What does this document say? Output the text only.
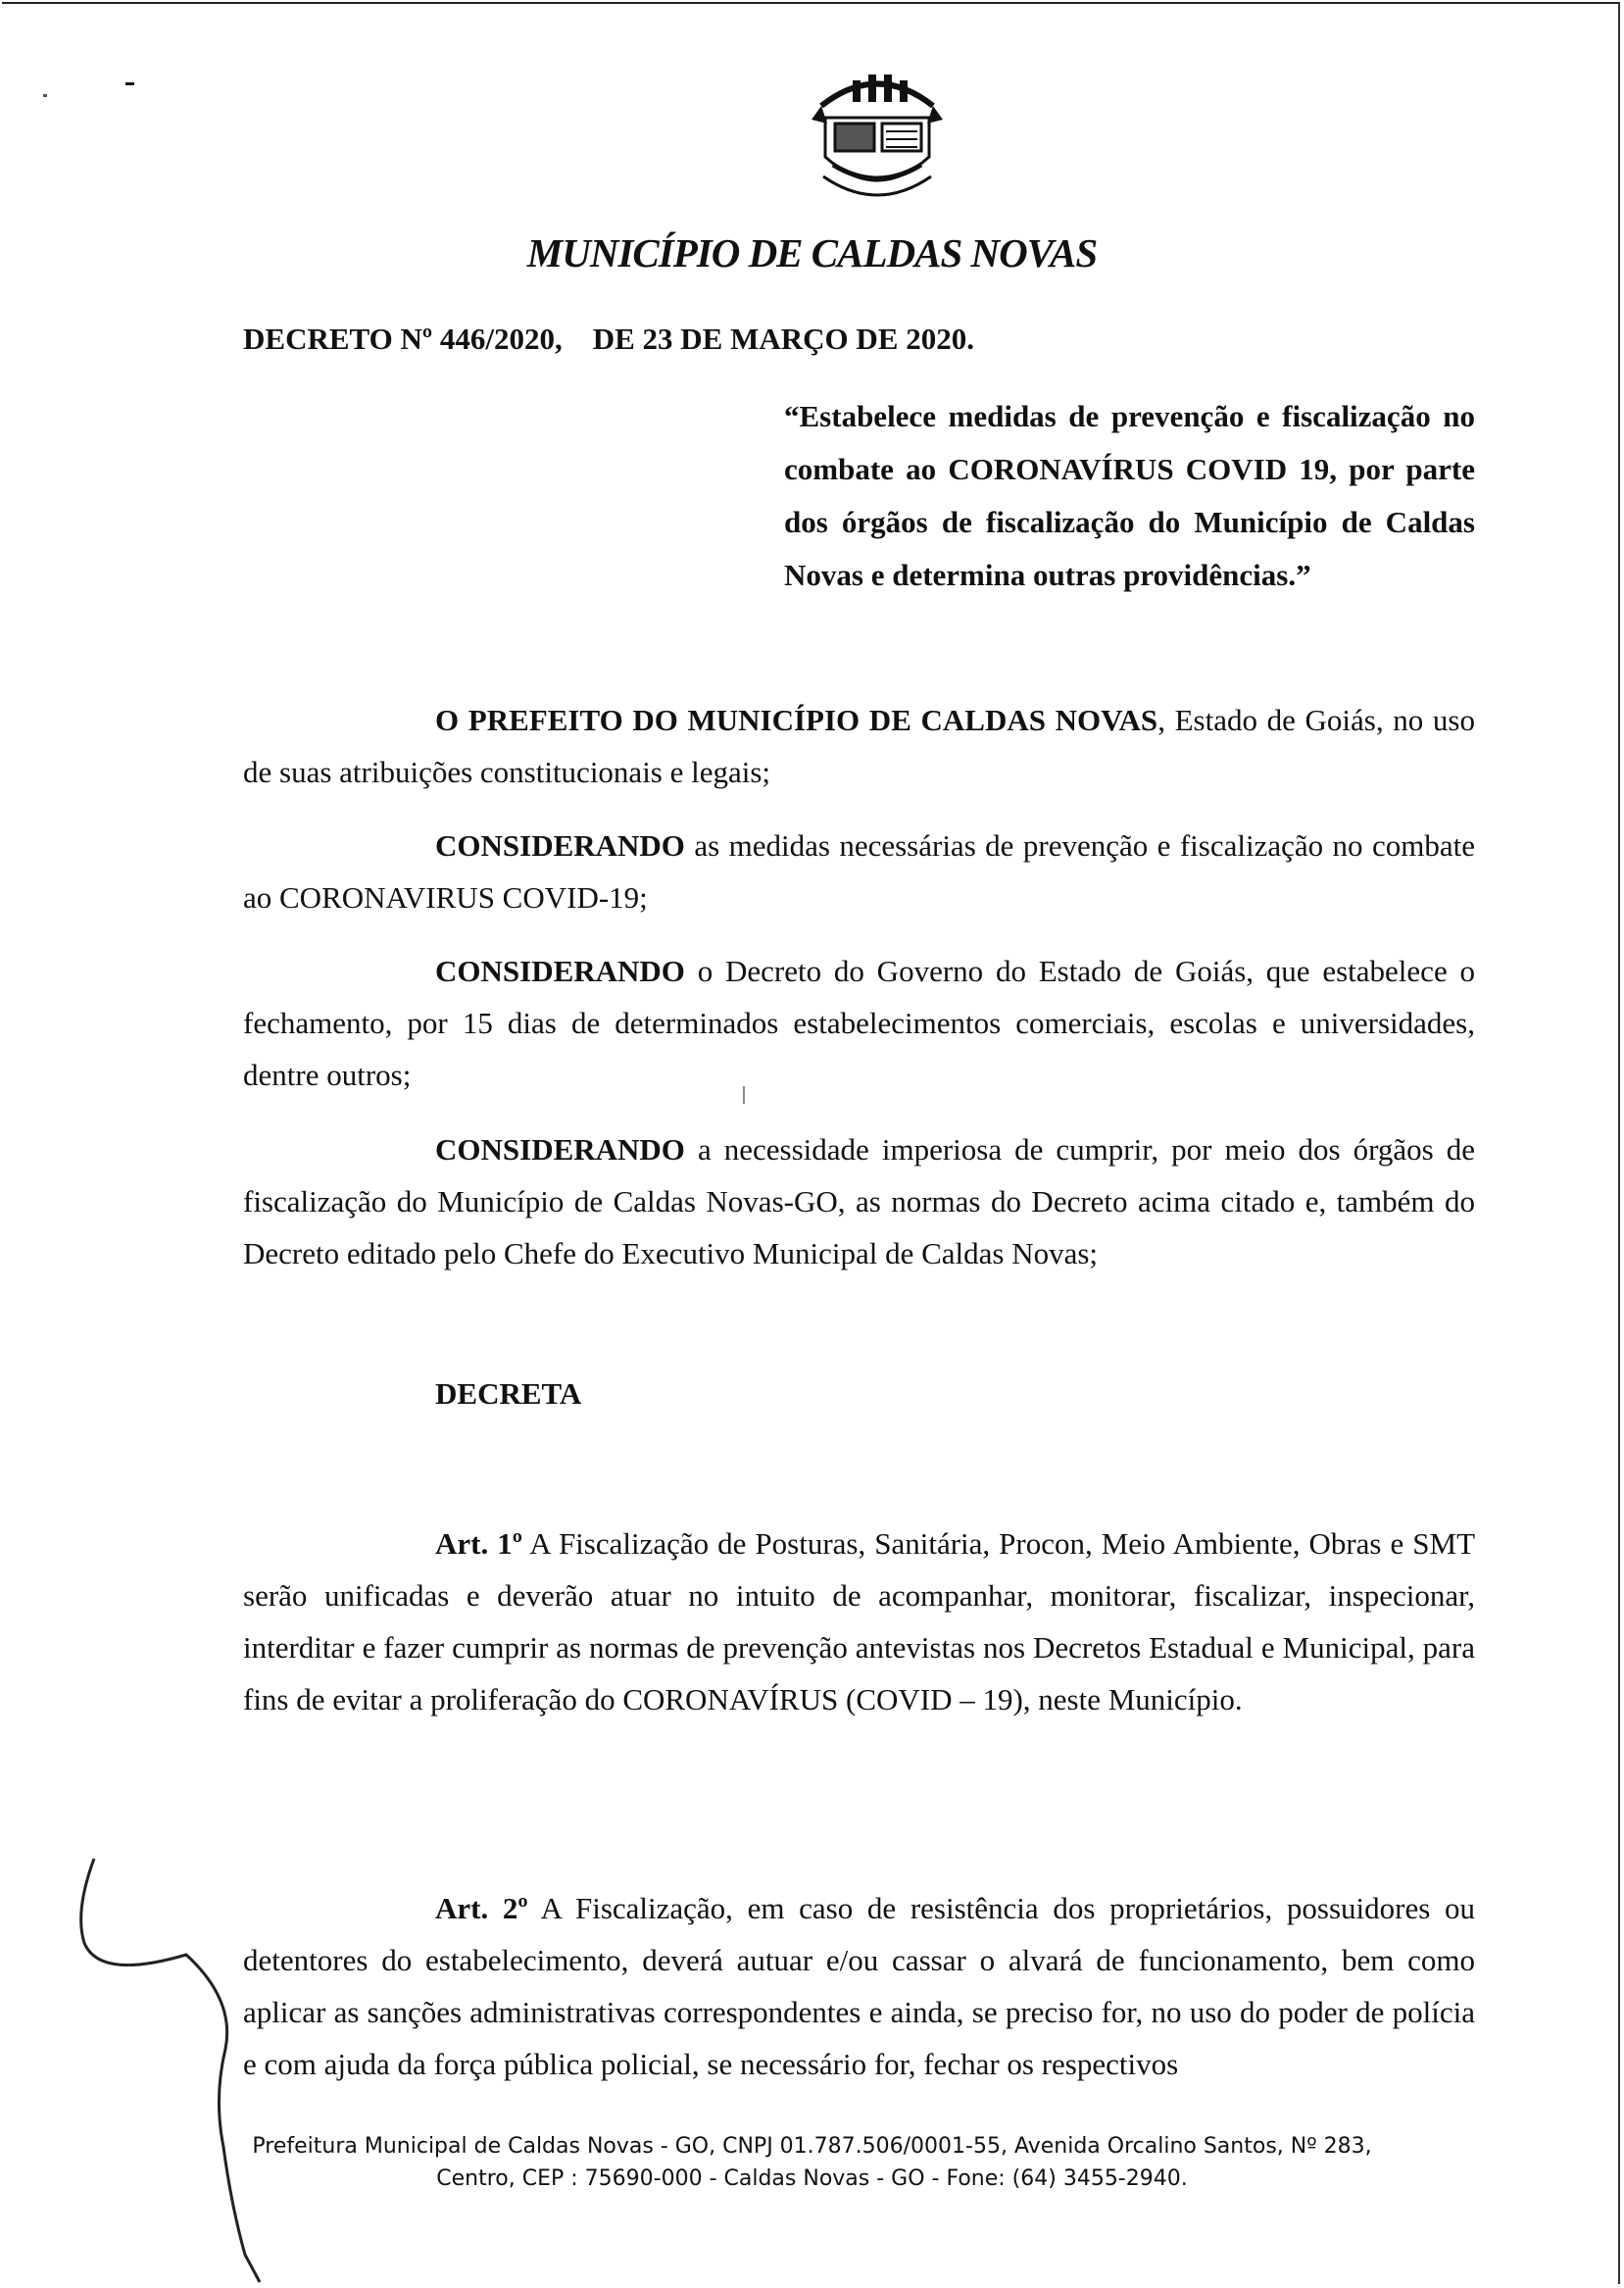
MUNICÍPIO DE CALDAS NOVAS
DECRETO Nº 446/2020, DE 23 DE MARÇO DE 2020.
“Estabelece medidas de prevenção e fiscalização no combate ao CORONAVÍRUS COVID 19, por parte dos órgãos de fiscalização do Município de Caldas Novas e determina outras providências.”
O PREFEITO DO MUNICÍPIO DE CALDAS NOVAS, Estado de Goiás, no uso de suas atribuições constitucionais e legais;
CONSIDERANDO as medidas necessárias de prevenção e fiscalização no combate ao CORONAVIRUS COVID-19;
CONSIDERANDO o Decreto do Governo do Estado de Goiás, que estabelece o fechamento, por 15 dias de determinados estabelecimentos comerciais, escolas e universidades, dentre outros;
CONSIDERANDO a necessidade imperiosa de cumprir, por meio dos órgãos de fiscalização do Município de Caldas Novas-GO, as normas do Decreto acima citado e, também do Decreto editado pelo Chefe do Executivo Municipal de Caldas Novas;
DECRETA
Art. 1º A Fiscalização de Posturas, Sanitária, Procon, Meio Ambiente, Obras e SMT serão unificadas e deverão atuar no intuito de acompanhar, monitorar, fiscalizar, inspecionar, interditar e fazer cumprir as normas de prevenção antevistas nos Decretos Estadual e Municipal, para fins de evitar a proliferação do CORONAVÍRUS (COVID – 19), neste Município.
Art. 2º A Fiscalização, em caso de resistência dos proprietários, possuidores ou detentores do estabelecimento, deverá autuar e/ou cassar o alvará de funcionamento, bem como aplicar as sanções administrativas correspondentes e ainda, se preciso for, no uso do poder de polícia e com ajuda da força pública policial, se necessário for, fechar os respectivos
Prefeitura Municipal de Caldas Novas - GO, CNPJ 01.787.506/0001-55, Avenida Orcalino Santos, Nº 283,
Centro, CEP : 75690-000 - Caldas Novas - GO - Fone: (64) 3455-2940.
